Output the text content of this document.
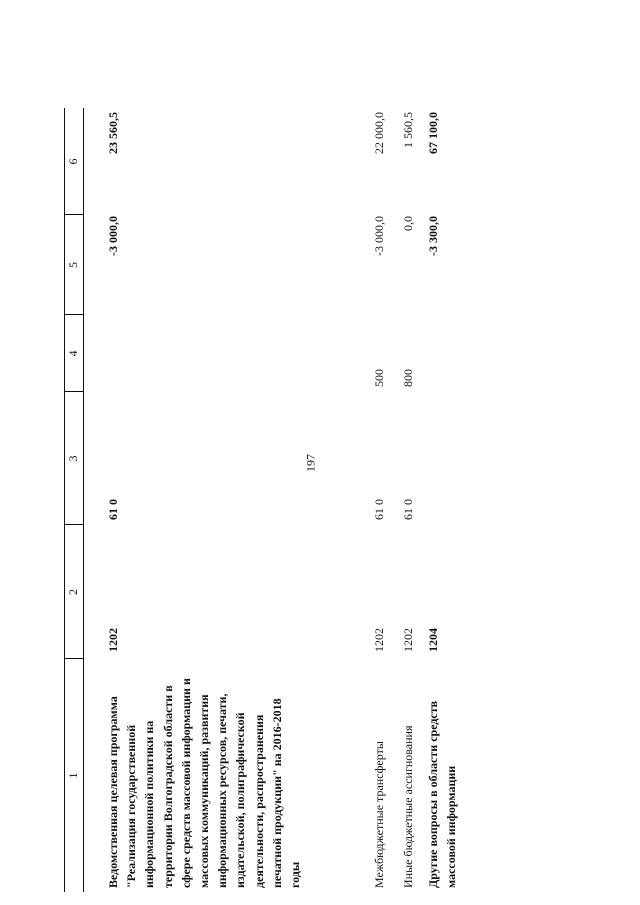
197
1
2
3
4
5
6
Ведомственная целевая программа "Реализация государственной информационной политики на территории Волгоградской области в сфере средств массовой информации и массовых коммуникаций, развития информационных ресурсов, печати, издательской, полиграфической деятельности, распространения печатной продукции" на 2016-2018 годы
1202
61 0
-3 000,0
23 560,5
Межбюджетные трансферты
1202
61 0
500
-3 000,0
22 000,0
Иные бюджетные ассигнования
1202
61 0
800
0,0
1 560,5
Другие вопросы в области средств массовой информации
1204
-3 300,0
67 100,0
